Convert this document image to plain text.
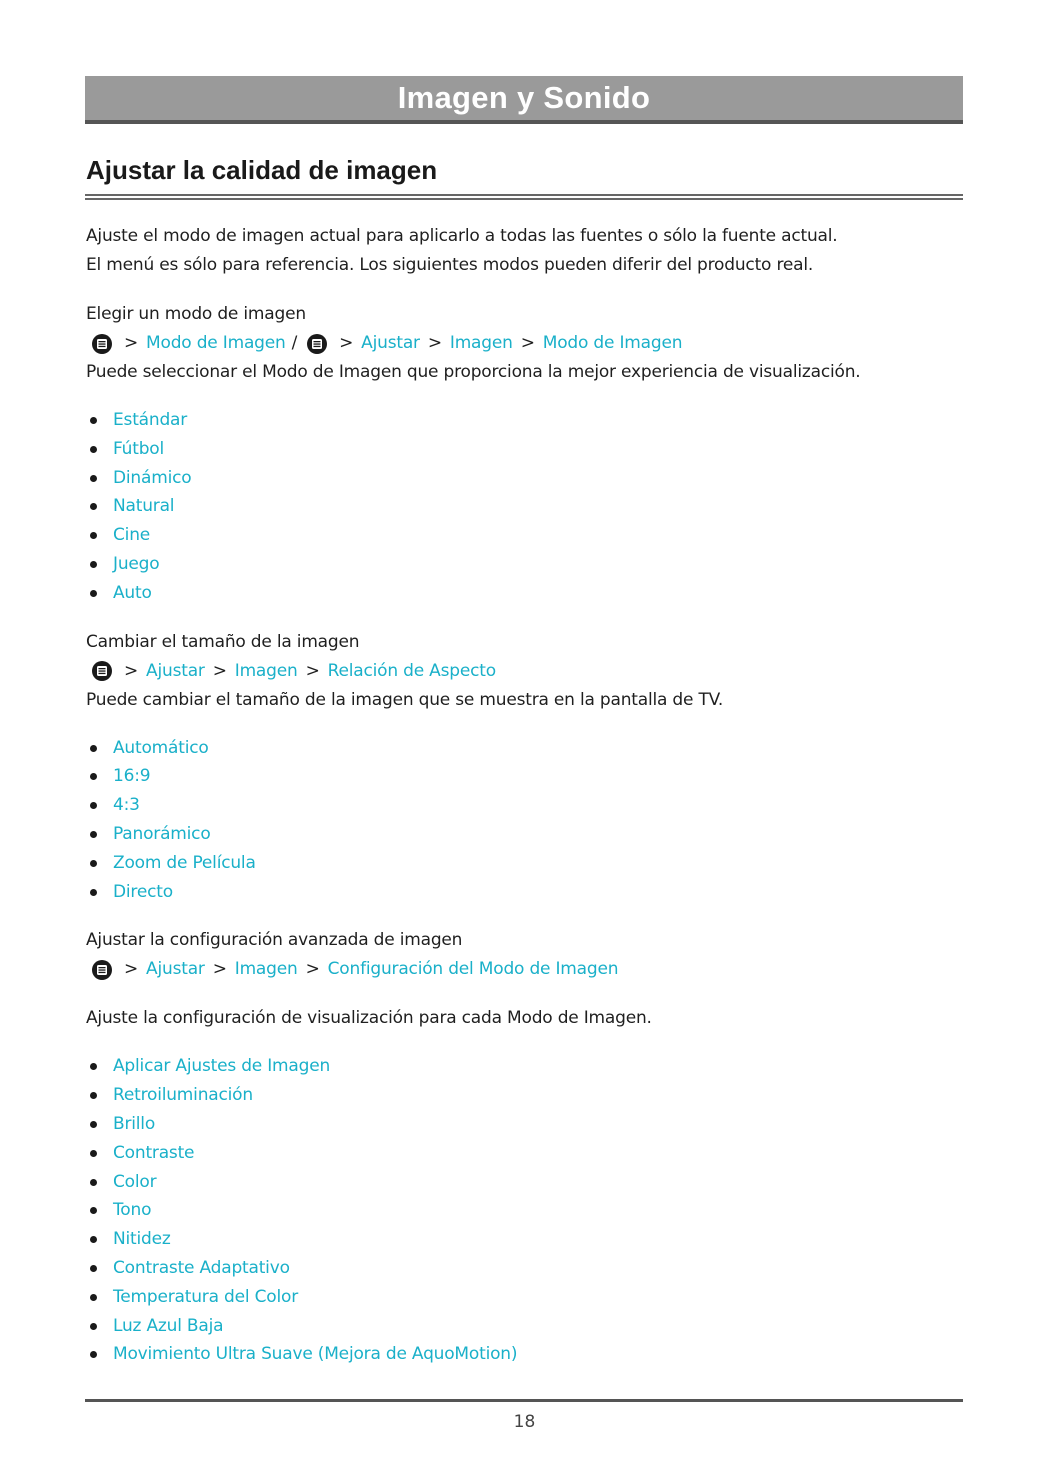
Imagen y Sonido
Ajustar la calidad de imagen

Ajuste el modo de imagen actual para aplicarlo a todas las fuentes o sólo la fuente actual.

El menú es sólo para referencia. Los siguientes modos pueden diferir del producto real.

Elegir un modo de imagen

> Modo de Imagen / > Ajustar > Imagen > Modo de Imagen

Puede seleccionar el Modo de Imagen que proporciona la mejor experiencia de visualización.

Estándar
Fútbol
Dinámico
Natural
Cine
Juego
Auto

Cambiar el tamaño de la imagen

> Ajustar > Imagen > Relación de Aspecto

Puede cambiar el tamaño de la imagen que se muestra en la pantalla de TV.

Automático
16:9
4:3
Panorámico
Zoom de Película
Directo

Ajustar la configuración avanzada de imagen

> Ajustar > Imagen > Configuración del Modo de Imagen

Ajuste la configuración de visualización para cada Modo de Imagen.

Aplicar Ajustes de Imagen
Retroiluminación
Brillo
Contraste
Color
Tono
Nitidez
Contraste Adaptativo
Temperatura del Color
Luz Azul Baja
Movimiento Ultra Suave (Mejora de AquoMotion)
18
